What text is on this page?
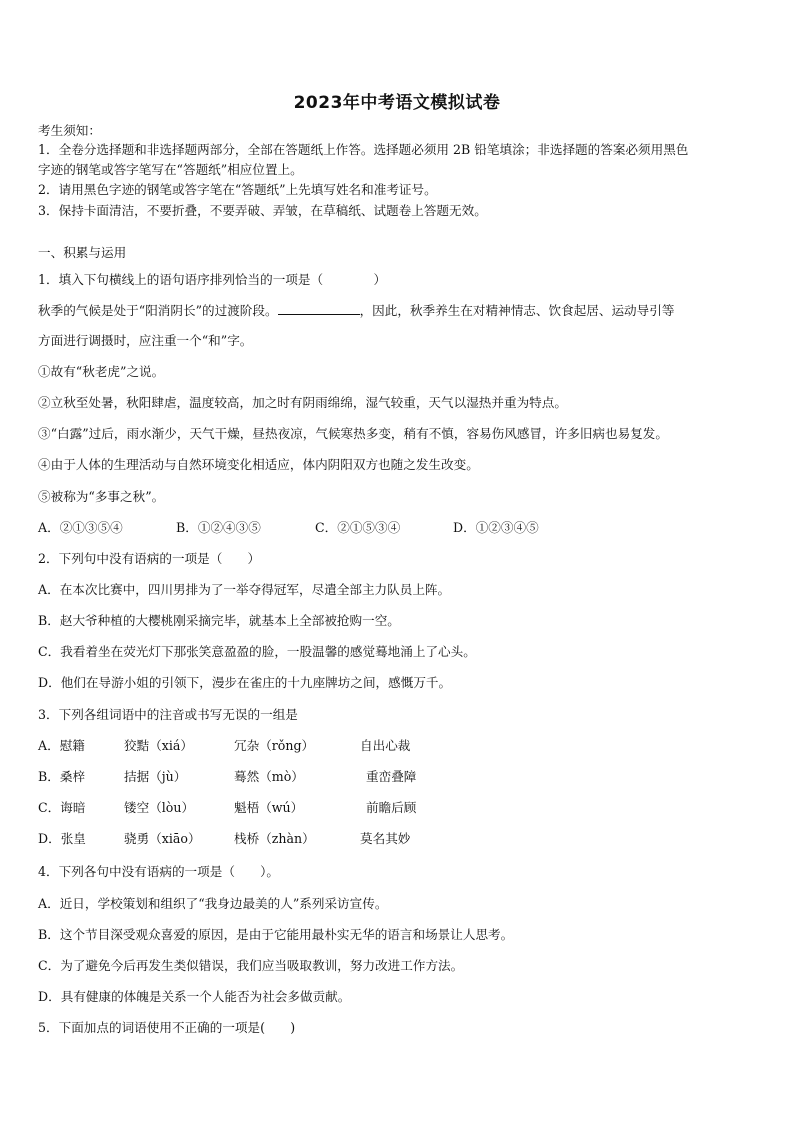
2023年中考语文模拟试卷
考生须知：
1．全卷分选择题和非选择题两部分，全部在答题纸上作答。选择题必须用 2B 铅笔填涂；非选择题的答案必须用黑色
字迹的钢笔或答字笔写在“答题纸”相应位置上。
2．请用黑色字迹的钢笔或答字笔在“答题纸”上先填写姓名和准考证号。
3．保持卡面清洁，不要折叠，不要弄破、弄皱，在草稿纸、试题卷上答题无效。
一、积累与运用
1．填入下句横线上的语句语序排列恰当的一项是（　　　　）
秋季的气候是处于“阳消阴长”的过渡阶段。	，因此，秋季养生在对精神情志、饮食起居、运动导引等
方面进行调摄时，应注重一个“和”字。
①故有“秋老虎”之说。
②立秋至处暑，秋阳肆虐，温度较高，加之时有阴雨绵绵，湿气较重，天气以湿热并重为特点。
③“白露”过后，雨水渐少，天气干燥，昼热夜凉，气候寒热多变，稍有不慎，容易伤风感冒，许多旧病也易复发。
④由于人体的生理活动与自然环境变化相适应，体内阴阳双方也随之发生改变。
⑤被称为“多事之秋”。
A．②①③⑤④	B．①②④③⑤	C．②①⑤③④	D．①②③④⑤
2．下列句中没有语病的一项是（　　）
A．在本次比赛中，四川男排为了一举夺得冠军，尽遣全部主力队员上阵。
B．赵大爷种植的大樱桃刚采摘完毕，就基本上全部被抢购一空。
C．我看着坐在荧光灯下那张笑意盈盈的脸，一股温馨的感觉蓦地涌上了心头。
D．他们在导游小姐的引领下，漫步在雀庄的十九座牌坊之间，感慨万千。
3．下列各组词语中的注音或书写无误的一组是
A．慰籍	狡黠（xiá）	冗杂（rǒng）	自出心裁
B．桑梓	拮据（jù）	蓦然（mò）	重峦叠障
C．诲暗	镂空（lòu）	魁梧（wú）	前瞻后顾
D．张皇	骁勇（xiāo）	栈桥（zhàn）	莫名其妙
4．下列各句中没有语病的一项是（　　）。
A．近日，学校策划和组织了“我身边最美的人”系列采访宣传。
B．这个节目深受观众喜爱的原因，是由于它能用最朴实无华的语言和场景让人思考。
C．为了避免今后再发生类似错误，我们应当吸取教训，努力改进工作方法。
D．具有健康的体魄是关系一个人能否为社会多做贡献。
5．下面加点的词语使用不正确的一项是(　　)
